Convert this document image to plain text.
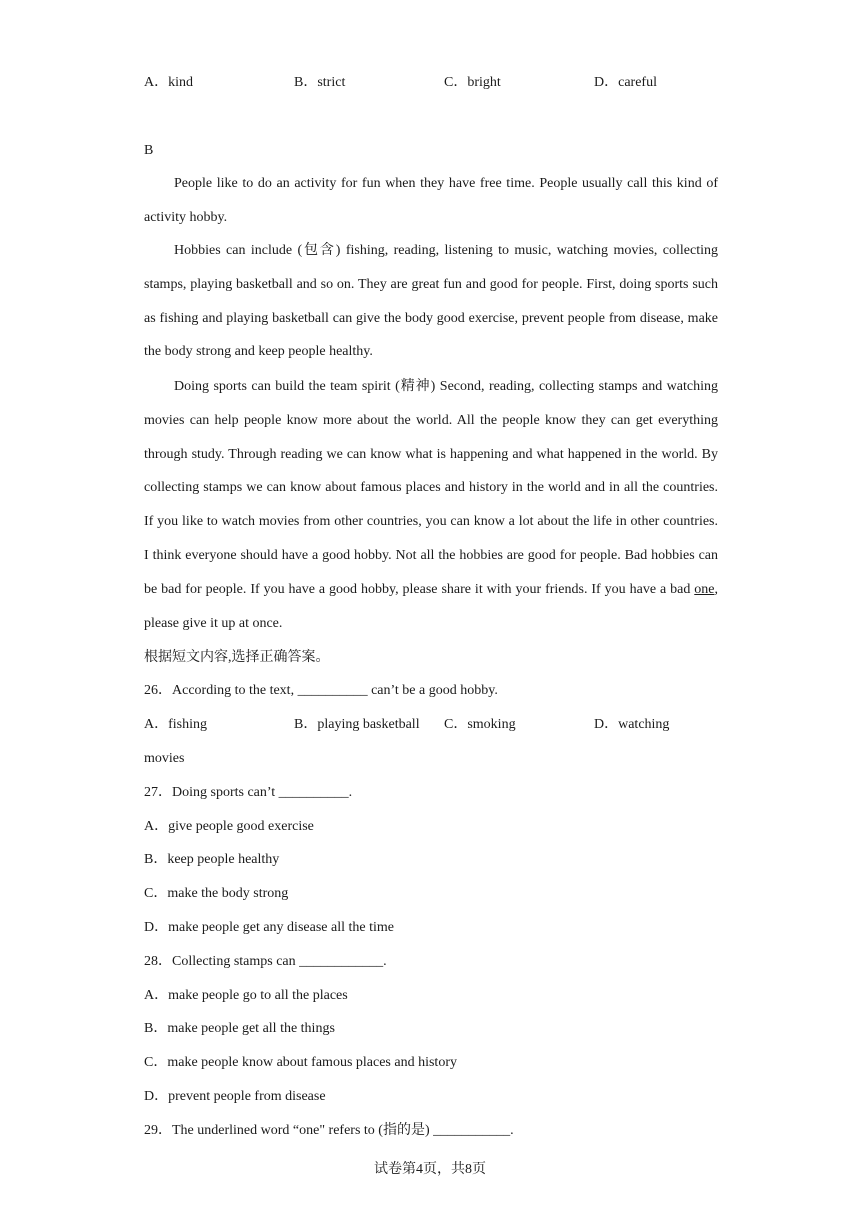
A．kind	B．strict	C．bright	D．careful
B
People like to do an activity for fun when they have free time. People usually call this kind of activity hobby.
Hobbies can include (包含) fishing, reading, listening to music, watching movies, collecting stamps, playing basketball and so on. They are great fun and good for people. First, doing sports such as fishing and playing basketball can give the body good exercise, prevent people from disease, make the body strong and keep people healthy.
Doing sports can build the team spirit (精神) Second, reading, collecting stamps and watching movies can help people know more about the world. All the people know they can get everything through study. Through reading we can know what is happening and what happened in the world. By collecting stamps we can know about famous places and history in the world and in all the countries. If you like to watch movies from other countries, you can know a lot about the life in other countries. I think everyone should have a good hobby. Not all the hobbies are good for people. Bad hobbies can be bad for people. If you have a good hobby, please share it with your friends. If you have a bad one, please give it up at once.
根据短文内容,选择正确答案。
26．According to the text, __________ can’t be a good hobby.
A．fishing	B．playing basketball C．smoking	D．watching
movies
27．Doing sports can’t __________.
A．give people good exercise
B．keep people healthy
C．make the body strong
D．make people get any disease all the time
28．Collecting stamps can ____________.
A．make people go to all the places
B．make people get all the things
C．make people know about famous places and history
D．prevent people from disease
29．The underlined word “one" refers to (指的是) ___________.
试卷第4页，共8页
